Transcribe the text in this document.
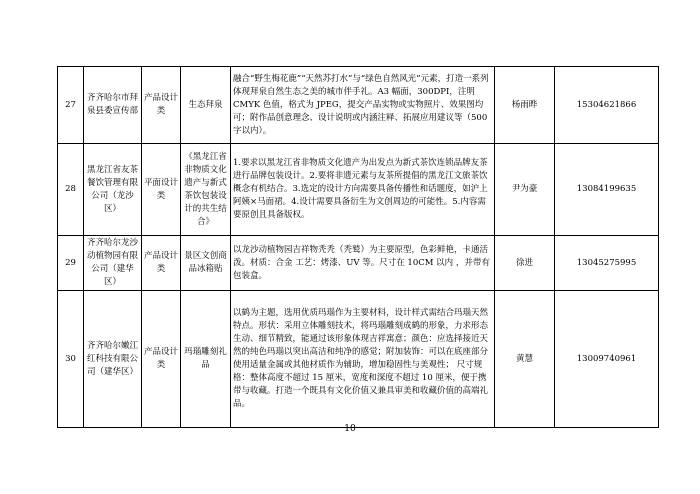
27	齐齐哈尔市拜泉县委宣传部	产品设计类	生态拜泉	融合“野生梅花鹿”“天然苏打水”与“绿色自然风光”元素，打造一系列体现拜泉自然生态之美的城市伴手礼。A3 幅面，300DPI，注明 CMYK 色值，格式为 JPEG，提交产品实物或实物照片、效果图均可；附作品创意理念、设计说明或内涵注释、拓展应用建议等（500 字以内）。	杨雨晔	15304621866
28	黑龙江省友茶餐饮管理有限公司（龙沙区）	平面设计类	《黑龙江省非物质文化遗产与新式茶饮包装设计的共生结合》	1.要求以黑龙江省非物质文化遗产为出发点为新式茶饮连锁品牌友茶进行品牌包装设计。2.要将非遗元素与友茶所提倡的黑龙江文旅茶饮概念有机结合。3.选定的设计方向需要具备传播性和话题度，如沪上阿姨×马面裙。4.设计需要具备衍生为文创周边的可能性。5.内容需要原创且具备版权。	尹为豪	13084199635
29	齐齐哈尔龙沙动植物园有限公司（建华区）	产品设计类	景区文创商品冰箱贴	以龙沙动植物园吉祥物秃秃（秃鹫）为主要原型，色彩鲜艳，卡通活泼。材质：合金 工艺：烤漆、UV 等。尺寸在 10CM 以内 ，并带有包装盒。	徐进	13045275995
30	齐齐哈尔嫩江红科技有限公司（建华区）	产品设计类	玛瑙雕刻礼品	以鹤为主题，选用优质玛瑙作为主要材料，设计样式需结合玛瑙天然特点。形状：采用立体雕刻技术，将玛瑙雕刻成鹤的形象，力求形态生动、细节精致，能通过该形象体现吉祥寓意；颜色：应选择接近天然的纯色玛瑙以突出高洁和纯净的感觉；附加装饰：可以在底座部分使用适量金属或其他材质作为辅助，增加稳固性与美观性； 尺寸规格：整体高度不超过 15 厘米，宽度和深度不超过 10 厘米，便于携带与收藏。打造一个既具有文化价值又兼具审美和收藏价值的高端礼品。	黄慧	13009740961
10
